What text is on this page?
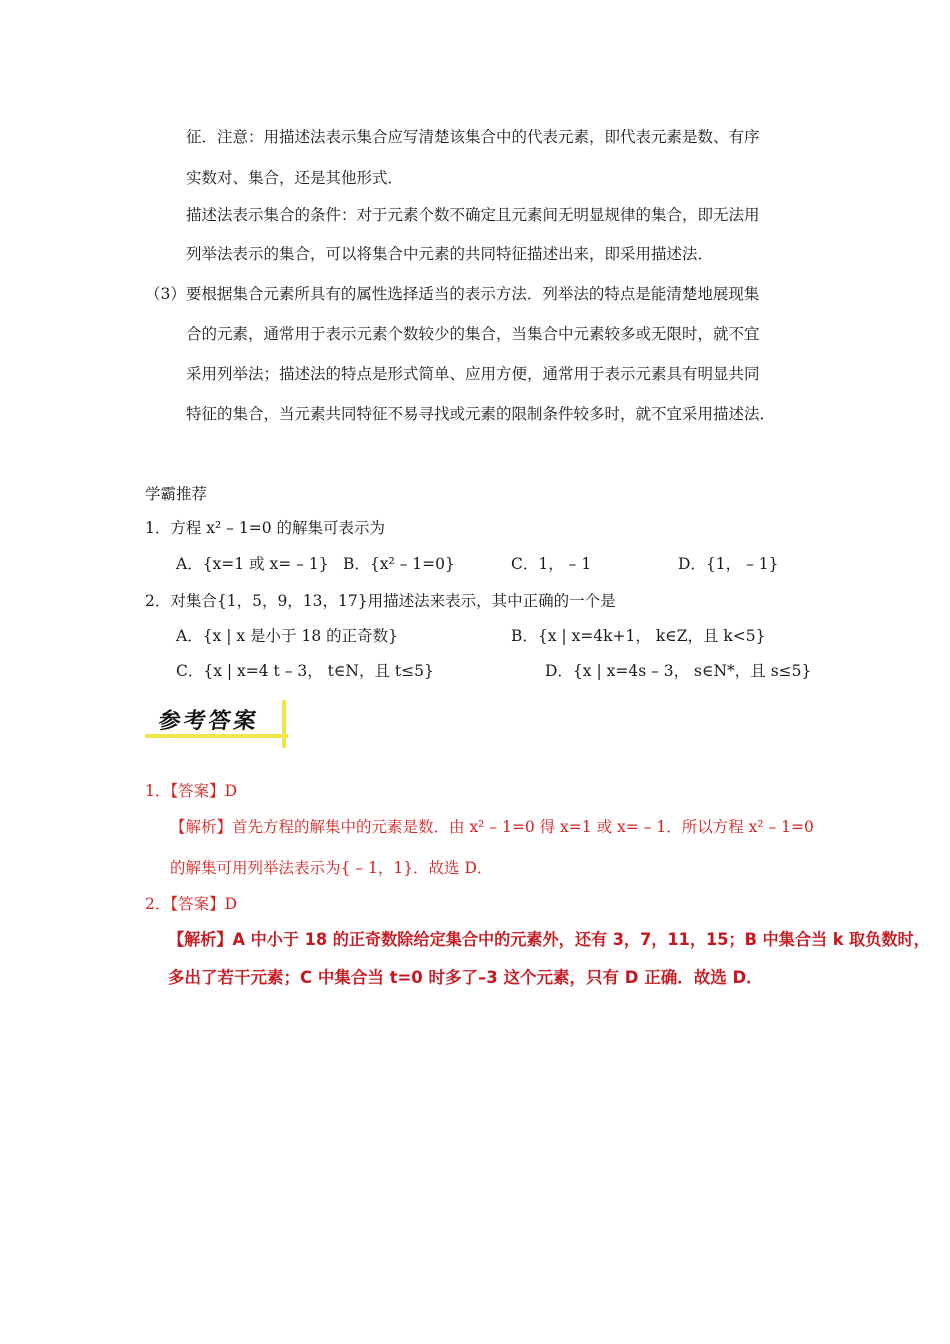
征．注意：用描述法表示集合应写清楚该集合中的代表元素，即代表元素是数、有序
实数对、集合，还是其他形式．
描述法表示集合的条件：对于元素个数不确定且元素间无明显规律的集合，即无法用
列举法表示的集合，可以将集合中元素的共同特征描述出来，即采用描述法．
（3）要根据集合元素所具有的属性选择适当的表示方法．列举法的特点是能清楚地展现集
合的元素，通常用于表示元素个数较少的集合，当集合中元素较多或无限时，就不宜
采用列举法；描述法的特点是形式简单、应用方便，通常用于表示元素具有明显共同
特征的集合，当元素共同特征不易寻找或元素的限制条件较多时，就不宜采用描述法．
学霸推荐
1．方程 x² – 1=0 的解集可表示为
A．{x=1 或 x= – 1} B．{x² – 1=0}	C．1， – 1	D．{1， – 1}
2．对集合{1，5，9，13，17}用描述法来表示，其中正确的一个是
A．{x | x 是小于 18 的正奇数}	B．{x | x=4k+1， k∈Z，且 k<5}
C．{x | x=4 t – 3， t∈N，且 t≤5}	D．{x | x=4s – 3， s∈N*，且 s≤5}
参考答案
1．【答案】D
【解析】首先方程的解集中的元素是数．由 x² – 1=0 得 x=1 或 x= – 1．所以方程 x² – 1=0
的解集可用列举法表示为{ – 1，1}．故选 D．
2．【答案】D
【解析】A 中小于 18 的正奇数除给定集合中的元素外，还有 3，7，11，15；B 中集合当 k 取负数时，
多出了若干元素；C 中集合当 t=0 时多了–3 这个元素，只有 D 正确．故选 D．
